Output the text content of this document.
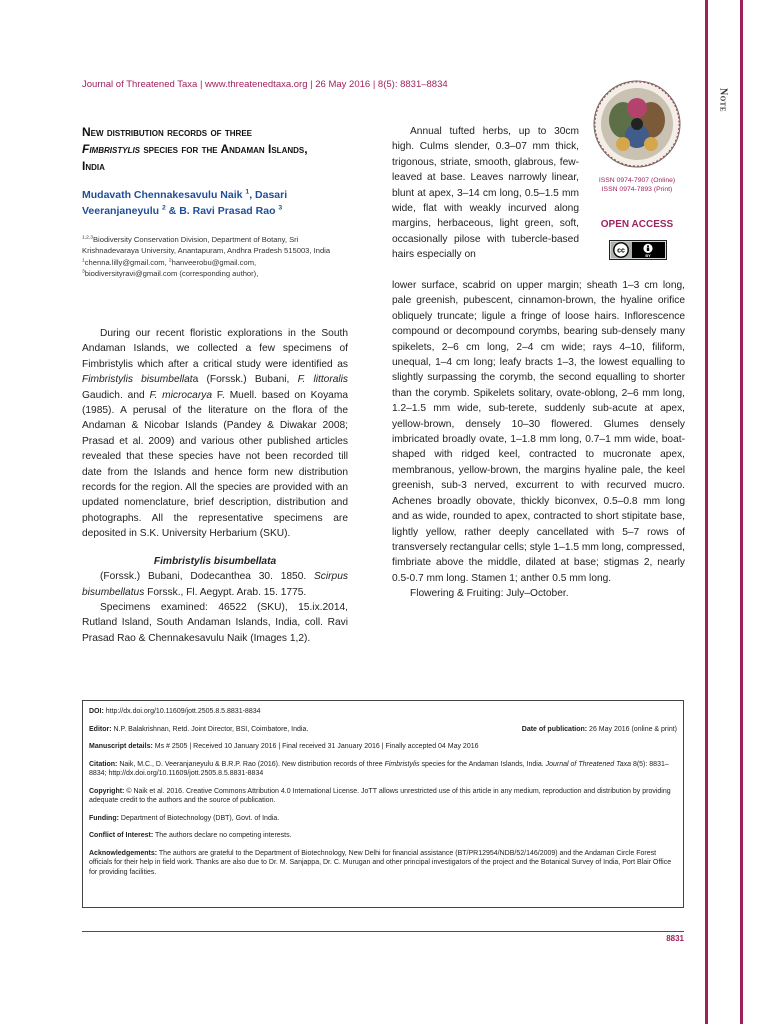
Note
Journal of Threatened Taxa | www.threatenedtaxa.org | 26 May 2016 | 8(5): 8831–8834
New distribution records of three
Fimbristylis species for the Andaman Islands, India
Mudavath Chennakesavulu Naik $^1$, Dasari Veeranjaneyulu $^2$ & B. Ravi Prasad Rao $^3$
$^{1,2,3}$Biodiversity Conservation Division, Department of Botany, Sri Krishnadevaraya University, Anantapuram, Andhra Pradesh 515003, India
$^1$chenna.lilly@gmail.com, $^2$hanveerobu@gmail.com,
$^3$biodiversityravi@gmail.com (corresponding author),

During our recent floristic explorations in the South Andaman Islands, we collected a few specimens of Fimbristylis which after a critical study were identified as Fimbristylis bisumbellata (Forssk.) Bubani, F. littoralis Gaudich. and F. microcarya F. Muell. based on Koyama (1985). A perusal of the literature on the flora of the Andaman & Nicobar Islands (Pandey & Diwakar 2008; Prasad et al. 2009) and various other published articles revealed that these species have not been recorded till date from the Islands and hence form new distribution records for the region. All the species are provided with an updated nomenclature, brief description, distribution and photographs. All the representative specimens are deposited in S.K. University Herbarium (SKU).

Fimbristylis bisumbellata

(Forssk.) Bubani, Dodecanthea 30. 1850. Scirpus bisumbellatus Forssk., Fl. Aegypt. Arab. 15. 1775.

Specimens examined: 46522 (SKU), 15.ix.2014, Rutland Island, South Andaman Islands, India, coll. Ravi Prasad Rao & Chennakesavulu Naik (Images 1,2).

Annual tufted herbs, up to 30cm high. Culms slender, 0.3–07 mm thick, trigonous, striate, smooth, glabrous, few-leaved at base. Leaves narrowly linear, blunt at apex, 3–14 cm long, 0.5–1.5 mm wide, flat with weakly incurved along margins, herbaceous, light green, soft, occasionally pilose with tubercle-based hairs especially on

lower surface, scabrid on upper margin; sheath 1–3 cm long, pale greenish, pubescent, cinnamon-brown, the hyaline orifice obliquely truncate; ligule a fringe of loose hairs. Inflorescence compound or decompound corymbs, bearing sub-densely many spikelets, 2–6 cm long, 2–4 cm wide; rays 4–10, filiform, unequal, 1–4 cm long; leafy bracts 1–3, the lowest equalling to slightly surpassing the corymb, the second equalling to shorter than the corymb. Spikelets solitary, ovate-oblong, 2–6 mm long, 1.2–1.5 mm wide, sub-terete, suddenly sub-acute at apex, yellow-brown, densely 10–30 flowered. Glumes densely imbricated broadly ovate, 1–1.8 mm long, 0.7–1 mm wide, boat-shaped with ridged keel, contracted to mucronate apex, membranous, yellow-brown, the margins hyaline pale, the keel greenish, sub-3 nerved, excurrent to with recurved mucro. Achenes broadly obovate, thickly biconvex, 0.5–0.8 mm long and as wide, rounded to apex, contracted to short stipitate base, lightly yellow, rather deeply cancellated with 5–7 rows of transversely rectangular cells; style 1–1.5 mm long, compressed, fimbriate above the middle, dilated at base; stigmas 2, nearly 0.5-0.7 mm long. Stamen 1; anther 0.5 mm long.

Flowering & Fruiting: July–October.

ISSN 0974-7907 (Online)
ISSN 0974-7893 (Print)
OPEN ACCESS
cc
BY

DOI: http://dx.doi.org/10.11609/jott.2505.8.5.8831-8834

Editor: N.P. Balakrishnan, Retd. Joint Director, BSI, Coimbatore, India.	Date of publication: 26 May 2016 (online & print)

Manuscript details: Ms # 2505 | Received 10 January 2016 | Final received 31 January 2016 | Finally accepted 04 May 2016

Citation: Naik, M.C., D. Veeranjaneyulu & B.R.P. Rao (2016). New distribution records of three Fimbristylis species for the Andaman Islands, India. Journal of Threatened Taxa 8(5): 8831–8834; http://dx.doi.org/10.11609/jott.2505.8.5.8831-8834

Copyright: © Naik et al. 2016. Creative Commons Attribution 4.0 International License. JoTT allows unrestricted use of this article in any medium, reproduction and distribution by providing adequate credit to the authors and the source of publication.

Funding: Department of Biotechnology (DBT), Govt. of India.

Conflict of Interest: The authors declare no competing interests.

Acknowledgements: The authors are grateful to the Department of Biotechnology, New Delhi for financial assistance (BT/PR12954/NDB/52/146/2009) and the Andaman Circle Forest officials for their help in field work. Thanks are also due to Dr. M. Sanjappa, Dr. C. Murugan and other principal investigators of the project and the Botanical Survey of India, Port Blair Office for providing facilities.

8831
